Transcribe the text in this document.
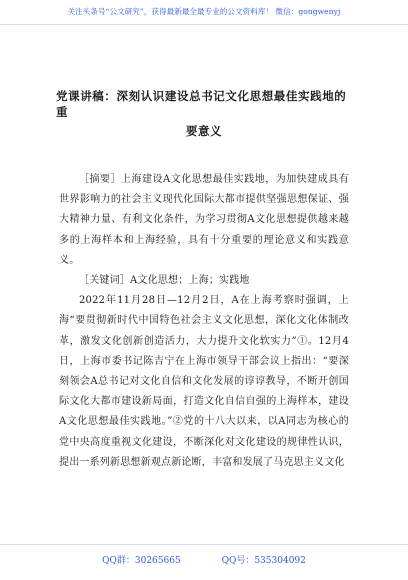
关注头条号“公文研究”，获得最新最全最专业的公文资料库！ 微信：gongwenyj
党课讲稿：深刻认识建设总书记文化思想最佳实践地的重
要意义

［摘要］上海建设A文化思想最佳实践地，为加快建成具有世界影响力的社会主义现代化国际大都市提供坚强思想保证、强大精神力量、有利文化条件，为学习贯彻A文化思想提供越来越多的上海样本和上海经验，具有十分重要的理论意义和实践意义。

［关键词］A文化思想；上海；实践地

2022年11月28日—12月2日，A在上海考察时强调，上海“要贯彻新时代中国特色社会主义文化思想，深化文化体制改革，激发文化创新创造活力，大力提升文化软实力”①。12月4日，上海市委书记陈吉宁在上海市领导干部会议上指出：“要深刻领会A总书记对文化自信和文化发展的谆谆教导，不断开创国际文化大都市建设新局面，打造文化自信自强的上海样本，建设A文化思想最佳实践地。”②党的十八大以来，以A同志为核心的党中央高度重视文化建设，不断深化对文化建设的规律性认识，提出一系列新思想新观点新论断，丰富和发展了马克思主义文化

QQ群：30265665	QQ号：535304092
